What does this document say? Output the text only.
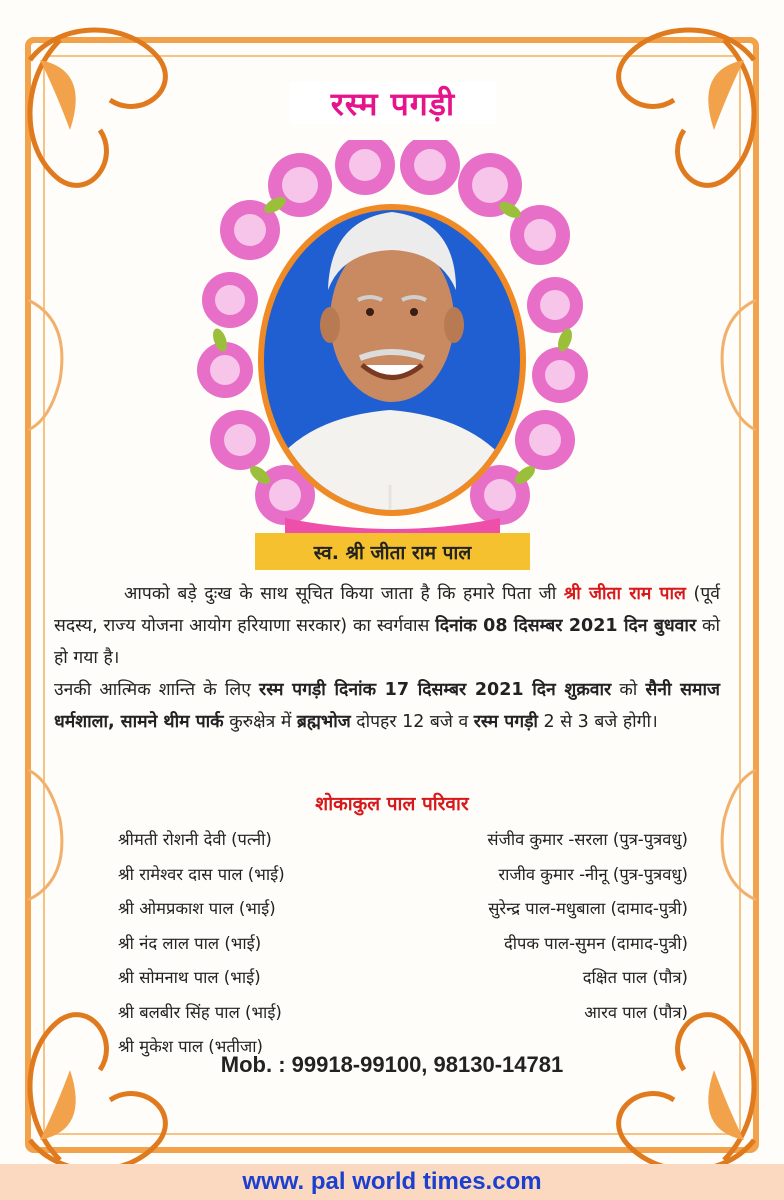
रस्म पगड़ी
स्व. श्री जीता राम पाल

आपको बड़े दुःख के साथ सूचित किया जाता है कि हमारे पिता जी श्री जीता राम पाल (पूर्व सदस्य, राज्य योजना आयोग हरियाणा सरकार) का स्वर्गवास दिनांक 08 दिसम्बर 2021 दिन बुधवार को हो गया है।

उनकी आत्मिक शान्ति के लिए रस्म पगड़ी दिनांक 17 दिसम्बर 2021 दिन शुक्रवार को सैनी समाज धर्मशाला, सामने थीम पार्क कुरुक्षेत्र में ब्रह्मभोज दोपहर 12 बजे व रस्म पगड़ी 2 से 3 बजे होगी।

शोकाकुल पाल परिवार
श्रीमती रोशनी देवी (पत्नी)
श्री रामेश्वर दास पाल (भाई)
श्री ओमप्रकाश पाल (भाई)
श्री नंद लाल पाल (भाई)
श्री सोमनाथ पाल (भाई)
श्री बलबीर सिंह पाल (भाई)
श्री मुकेश पाल (भतीजा)
संजीव कुमार -सरला (पुत्र-पुत्रवधु)
राजीव कुमार -नीनू (पुत्र-पुत्रवधु)
सुरेन्द्र पाल-मधुबाला (दामाद-पुत्री)
दीपक पाल-सुमन (दामाद-पुत्री)
दक्षित पाल (पौत्र)
आरव पाल (पौत्र)
Mob. : 99918-99100, 98130-14781
www. pal world times.com
